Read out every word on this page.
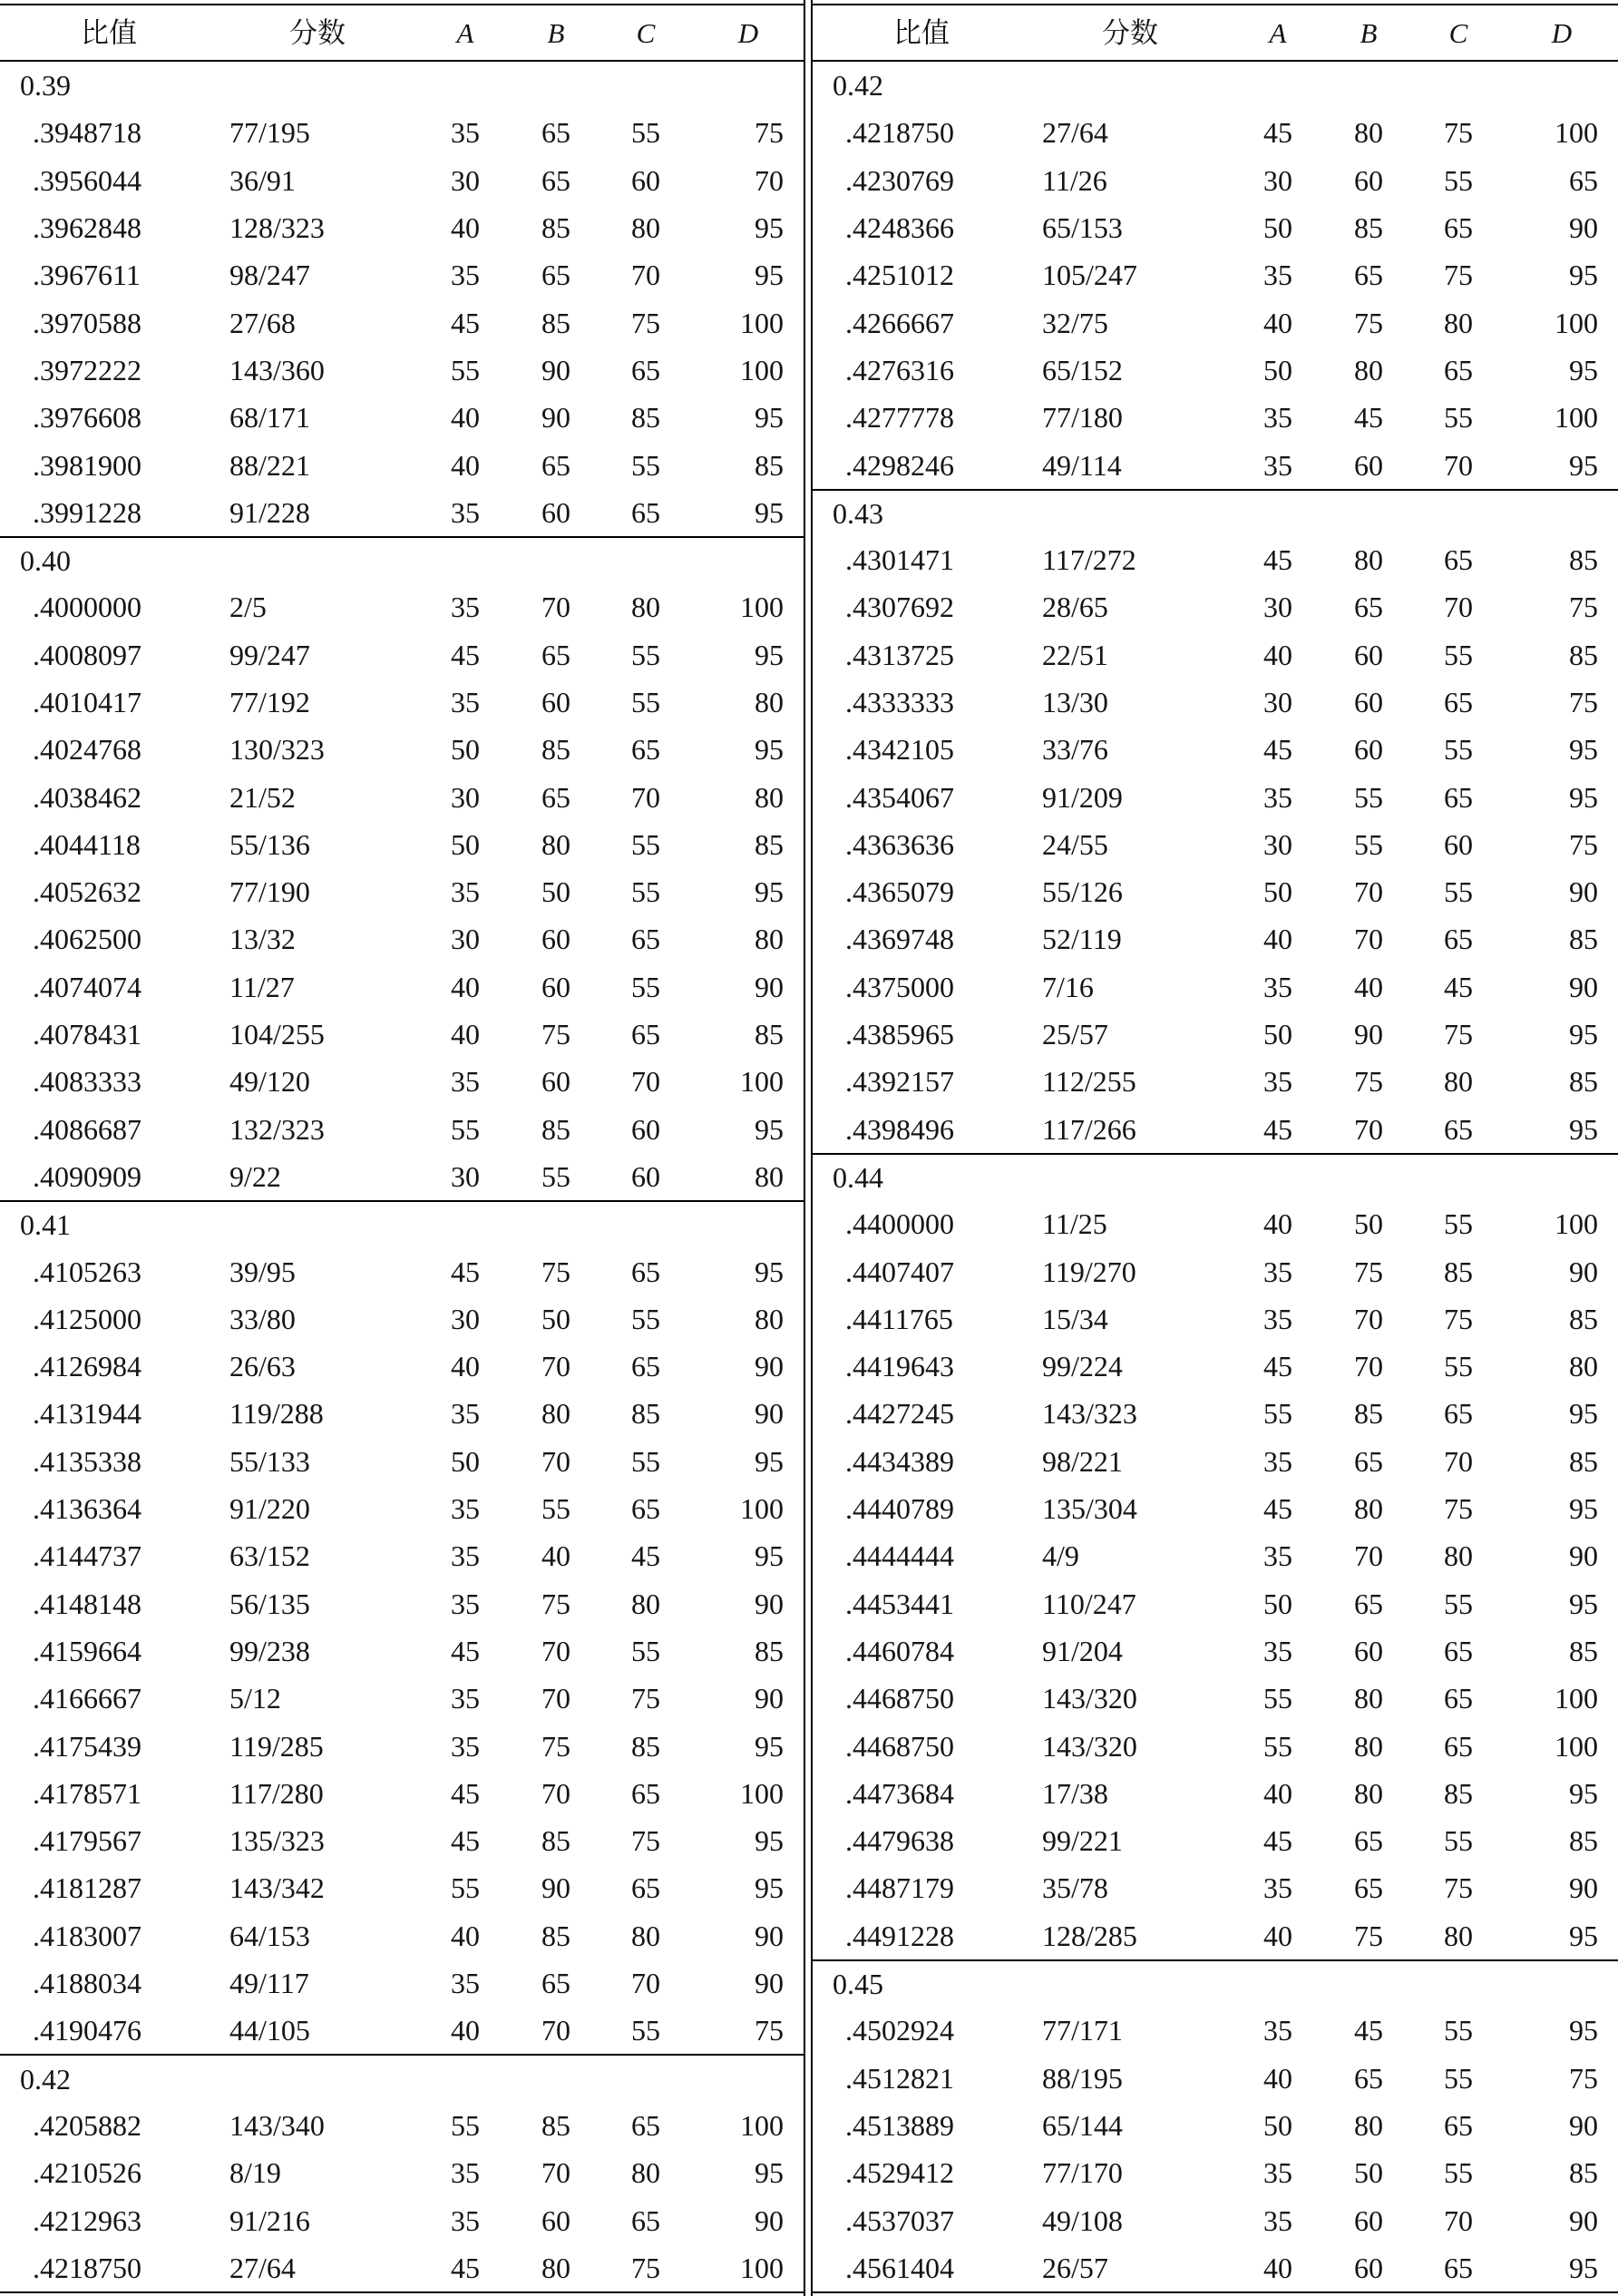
比值	分数	A	B	C	D
0.39
.3948718	77/195	35	65	55	75
.3956044	36/91	30	65	60	70
.3962848	128/323	40	85	80	95
.3967611	98/247	35	65	70	95
.3970588	27/68	45	85	75	100
.3972222	143/360	55	90	65	100
.3976608	68/171	40	90	85	95
.3981900	88/221	40	65	55	85
.3991228	91/228	35	60	65	95
0.40
.4000000	2/5	35	70	80	100
.4008097	99/247	45	65	55	95
.4010417	77/192	35	60	55	80
.4024768	130/323	50	85	65	95
.4038462	21/52	30	65	70	80
.4044118	55/136	50	80	55	85
.4052632	77/190	35	50	55	95
.4062500	13/32	30	60	65	80
.4074074	11/27	40	60	55	90
.4078431	104/255	40	75	65	85
.4083333	49/120	35	60	70	100
.4086687	132/323	55	85	60	95
.4090909	9/22	30	55	60	80
0.41
.4105263	39/95	45	75	65	95
.4125000	33/80	30	50	55	80
.4126984	26/63	40	70	65	90
.4131944	119/288	35	80	85	90
.4135338	55/133	50	70	55	95
.4136364	91/220	35	55	65	100
.4144737	63/152	35	40	45	95
.4148148	56/135	35	75	80	90
.4159664	99/238	45	70	55	85
.4166667	5/12	35	70	75	90
.4175439	119/285	35	75	85	95
.4178571	117/280	45	70	65	100
.4179567	135/323	45	85	75	95
.4181287	143/342	55	90	65	95
.4183007	64/153	40	85	80	90
.4188034	49/117	35	65	70	90
.4190476	44/105	40	70	55	75
0.42
.4205882	143/340	55	85	65	100
.4210526	8/19	35	70	80	95
.4212963	91/216	35	60	65	90
.4218750	27/64	45	80	75	100
比值	分数	A	B	C	D
0.42
.4218750	27/64	45	80	75	100
.4230769	11/26	30	60	55	65
.4248366	65/153	50	85	65	90
.4251012	105/247	35	65	75	95
.4266667	32/75	40	75	80	100
.4276316	65/152	50	80	65	95
.4277778	77/180	35	45	55	100
.4298246	49/114	35	60	70	95
0.43
.4301471	117/272	45	80	65	85
.4307692	28/65	30	65	70	75
.4313725	22/51	40	60	55	85
.4333333	13/30	30	60	65	75
.4342105	33/76	45	60	55	95
.4354067	91/209	35	55	65	95
.4363636	24/55	30	55	60	75
.4365079	55/126	50	70	55	90
.4369748	52/119	40	70	65	85
.4375000	7/16	35	40	45	90
.4385965	25/57	50	90	75	95
.4392157	112/255	35	75	80	85
.4398496	117/266	45	70	65	95
0.44
.4400000	11/25	40	50	55	100
.4407407	119/270	35	75	85	90
.4411765	15/34	35	70	75	85
.4419643	99/224	45	70	55	80
.4427245	143/323	55	85	65	95
.4434389	98/221	35	65	70	85
.4440789	135/304	45	80	75	95
.4444444	4/9	35	70	80	90
.4453441	110/247	50	65	55	95
.4460784	91/204	35	60	65	85
.4468750	143/320	55	80	65	100
.4468750	143/320	55	80	65	100
.4473684	17/38	40	80	85	95
.4479638	99/221	45	65	55	85
.4487179	35/78	35	65	75	90
.4491228	128/285	40	75	80	95
0.45
.4502924	77/171	35	45	55	95
.4512821	88/195	40	65	55	75
.4513889	65/144	50	80	65	90
.4529412	77/170	35	50	55	85
.4537037	49/108	35	60	70	90
.4561404	26/57	40	60	65	95
